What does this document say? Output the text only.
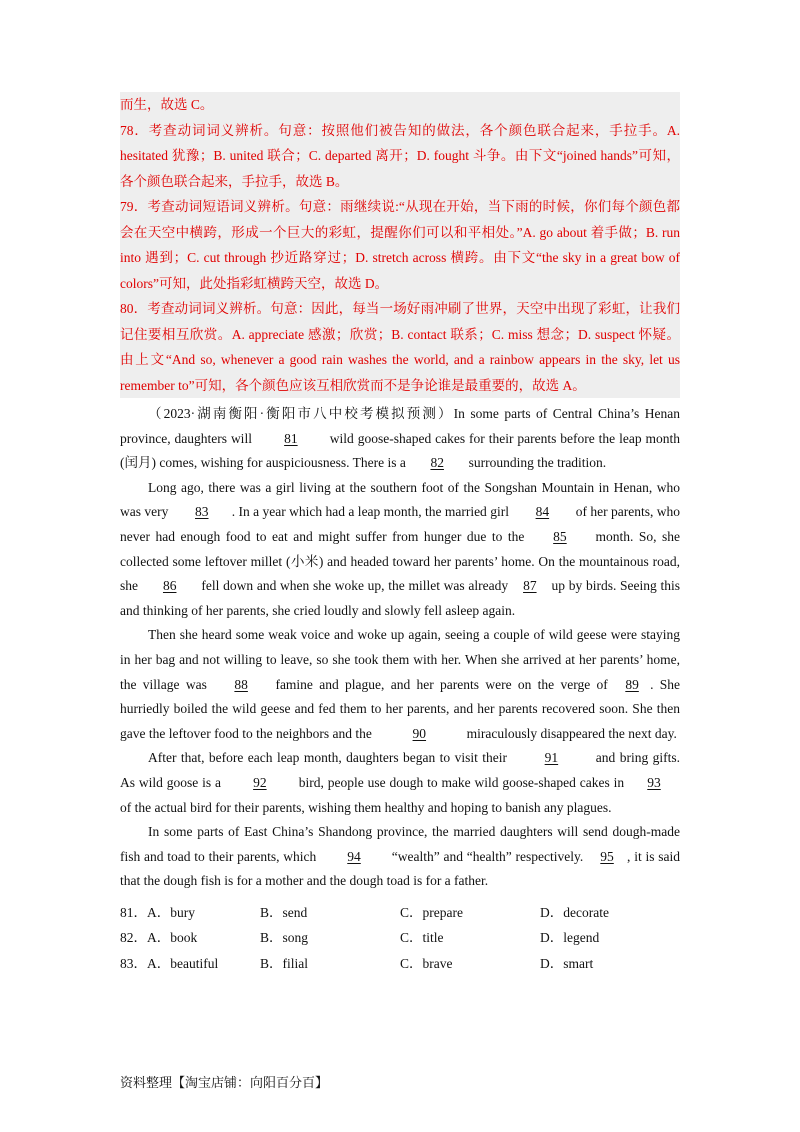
而生，故选 C。

78．考查动词词义辨析。句意：按照他们被告知的做法，各个颜色联合起来，手拉手。A. hesitated 犹豫；B. united 联合；C. departed 离开；D. fought 斗争。由下文“joined hands”可知，各个颜色联合起来，手拉手，故选 B。

79．考查动词短语词义辨析。句意：雨继续说:“从现在开始，当下雨的时候，你们每个颜色都会在天空中横跨，形成一个巨大的彩虹，提醒你们可以和平相处。”A. go about 着手做；B. run into 遇到；C. cut through 抄近路穿过；D. stretch across 横跨。由下文“the sky in a great bow of colors”可知，此处指彩虹横跨天空，故选 D。

80．考查动词词义辨析。句意：因此，每当一场好雨冲刷了世界，天空中出现了彩虹，让我们记住要相互欣赏。A. appreciate 感激；欣赏；B. contact 联系；C. miss 想念；D. suspect 怀疑。由上文“And so, whenever a good rain washes the world, and a rainbow appears in the sky, let us remember to”可知，各个颜色应该互相欣赏而不是争论谁是最重要的，故选 A。

（2023·湖南衡阳·衡阳市八中校考模拟预测）In some parts of Central China’s Henan province, daughters will 81 wild goose-shaped cakes for their parents before the leap month (闰月) comes, wishing for auspiciousness. There is a 82 surrounding the tradition.

Long ago, there was a girl living at the southern foot of the Songshan Mountain in Henan, who was very 83 . In a year which had a leap month, the married girl 84 of her parents, who never had enough food to eat and might suffer from hunger due to the 85 month. So, she collected some leftover millet (小米) and headed toward her parents’ home. On the mountainous road, she 86 fell down and when she woke up, the millet was already 87 up by birds. Seeing this and thinking of her parents, she cried loudly and slowly fell asleep again.

Then she heard some weak voice and woke up again, seeing a couple of wild geese were staying in her bag and not willing to leave, so she took them with her. When she arrived at her parents’ home, the village was 88 famine and plague, and her parents were on the verge of 89 . She hurriedly boiled the wild geese and fed them to her parents, and her parents recovered soon. She then gave the leftover food to the neighbors and the	90	miraculously disappeared the next day.

After that, before each leap month, daughters began to visit their 91 and bring gifts. As wild goose is a 92 bird, people use dough to make wild goose-shaped cakes in 93 of the actual bird for their parents, wishing them healthy and hoping to banish any plagues.

In some parts of East China’s Shandong province, the married daughters will send dough-made fish and toad to their parents, which 94 “wealth” and “health” respectively. 95 , it is said that the dough fish is for a mother and the dough toad is for a father.

81．A．bury	B．send	C．prepare	D．decorate
82．A．book	B．song	C．title	D．legend
83．A．beautiful	B．filial	C．brave	D．smart
资料整理【淘宝店铺：向阳百分百】
